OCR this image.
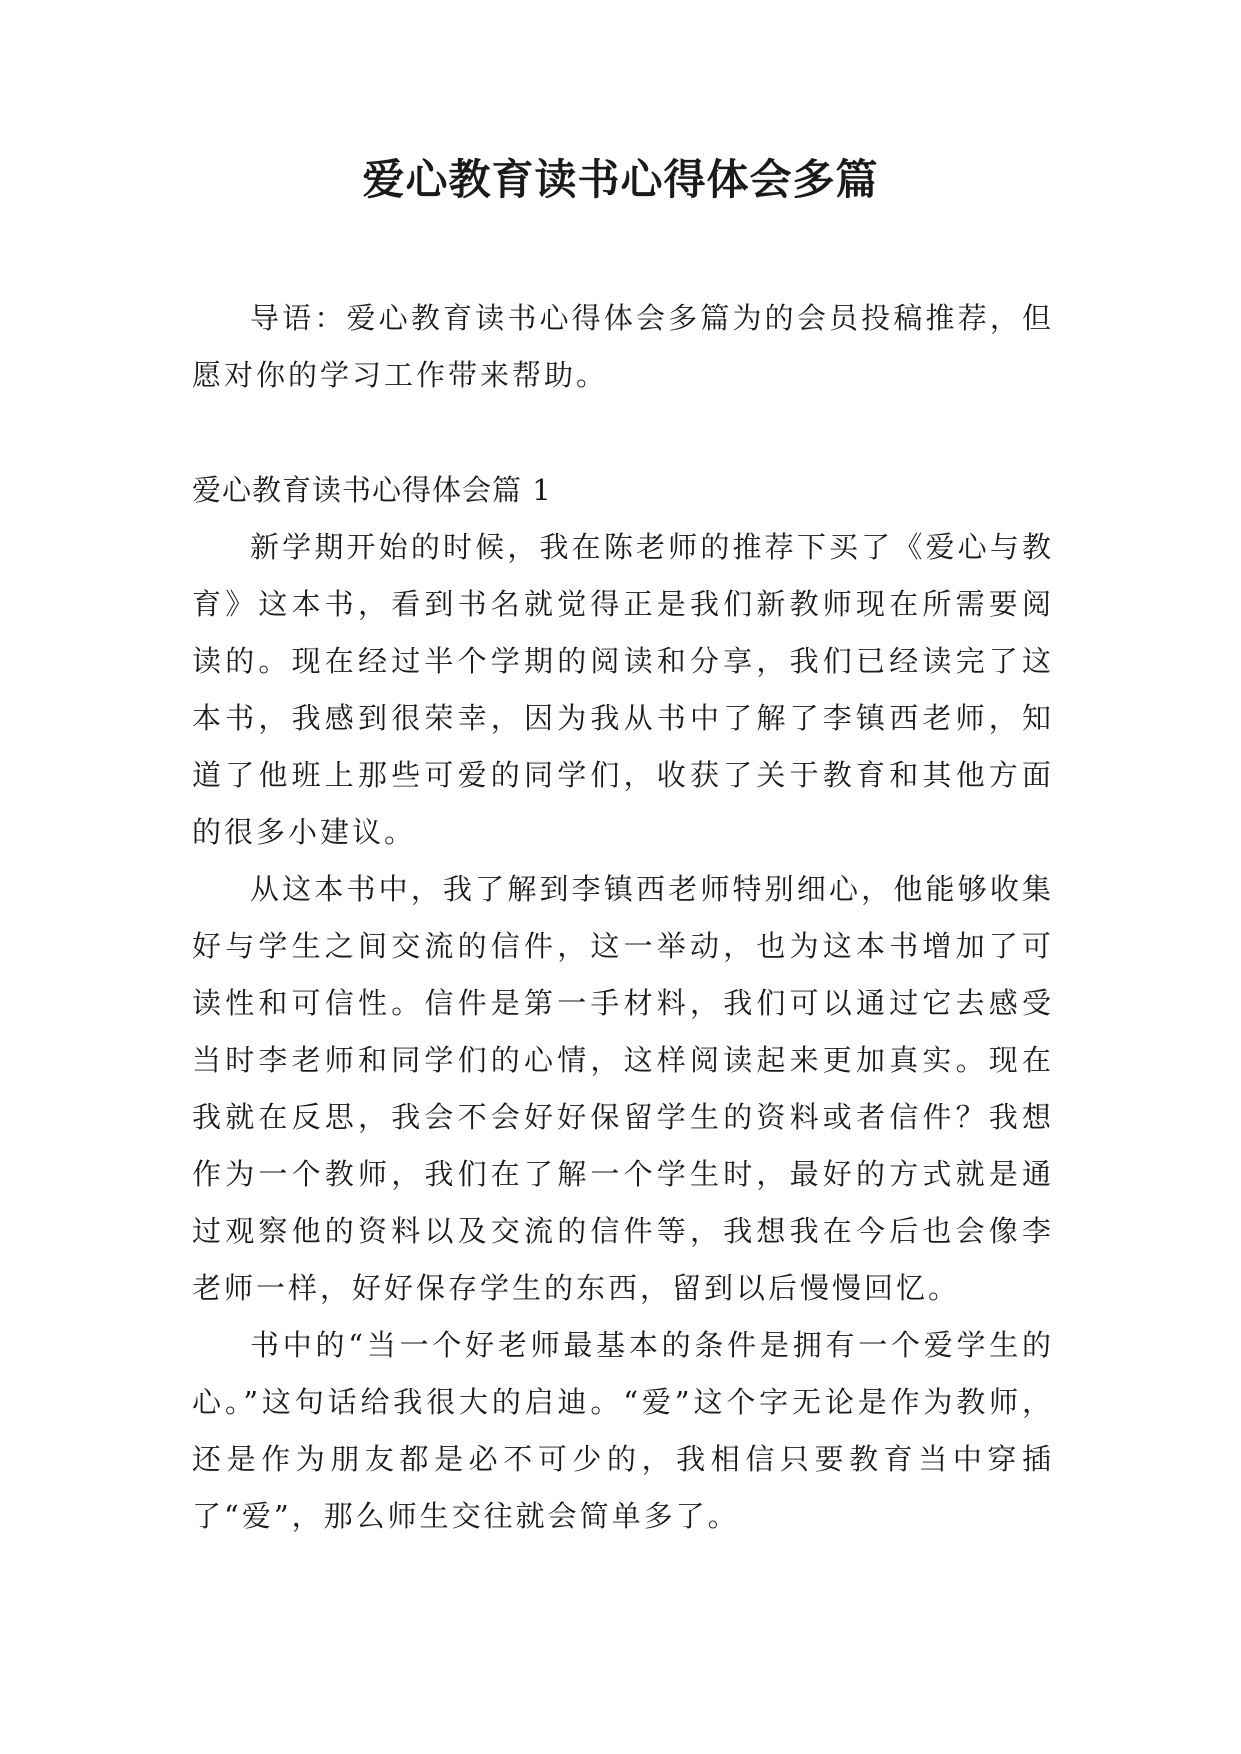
爱心教育读书心得体会多篇

导语：爱心教育读书心得体会多篇为的会员投稿推荐，但愿对你的学习工作带来帮助。

爱心教育读书心得体会篇 1

新学期开始的时候，我在陈老师的推荐下买了《爱心与教育》这本书，看到书名就觉得正是我们新教师现在所需要阅读的。现在经过半个学期的阅读和分享，我们已经读完了这本书，我感到很荣幸，因为我从书中了解了李镇西老师，知道了他班上那些可爱的同学们，收获了关于教育和其他方面的很多小建议。

从这本书中，我了解到李镇西老师特别细心，他能够收集好与学生之间交流的信件，这一举动，也为这本书增加了可读性和可信性。信件是第一手材料，我们可以通过它去感受当时李老师和同学们的心情，这样阅读起来更加真实。现在我就在反思，我会不会好好保留学生的资料或者信件？我想作为一个教师，我们在了解一个学生时，最好的方式就是通过观察他的资料以及交流的信件等，我想我在今后也会像李老师一样，好好保存学生的东西，留到以后慢慢回忆。

书中的“当一个好老师最基本的条件是拥有一个爱学生的心。”这句话给我很大的启迪。“爱”这个字无论是作为教师，还是作为朋友都是必不可少的，我相信只要教育当中穿插了“爱”，那么师生交往就会简单多了。
